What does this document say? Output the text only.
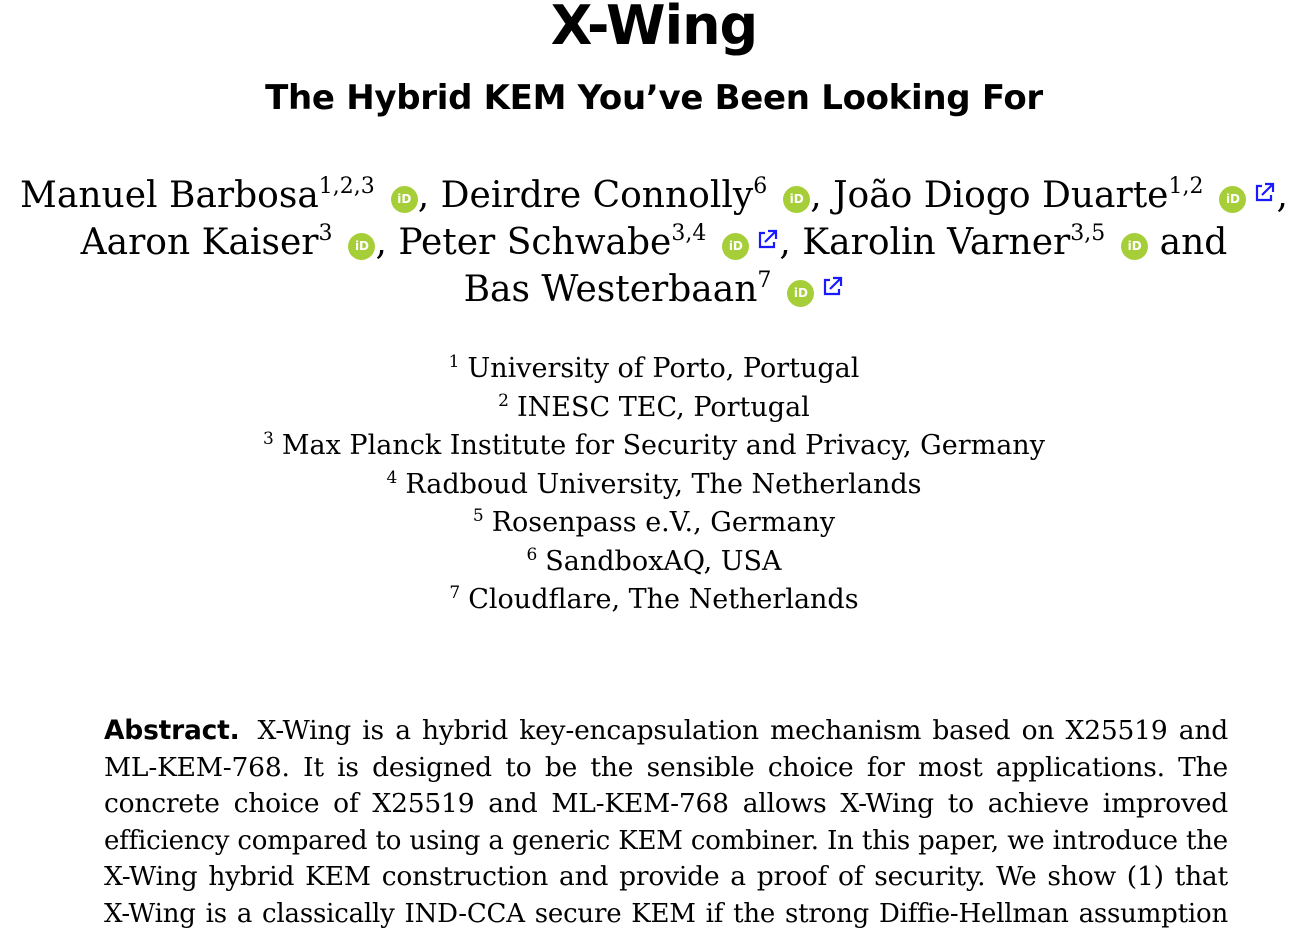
X-Wing
The Hybrid KEM You’ve Been Looking For
Manuel Barbosa$^{1,2,3}$ iD , Deirdre Connolly$^6$ iD , João Diogo Duarte$^{1,2}$ iD ,
Aaron Kaiser$^3$ iD , Peter Schwabe$^{3,4}$ iD , Karolin Varner$^{3,5}$ iD and
Bas Westerbaan$^7$ iD
$^1$ University of Porto, Portugal
$^2$ INESC TEC, Portugal
$^3$ Max Planck Institute for Security and Privacy, Germany
$^4$ Radboud University, The Netherlands
$^5$ Rosenpass e.V., Germany
$^6$ SandboxAQ, USA
$^7$ Cloudflare, The Netherlands
Abstract. X-Wing is a hybrid key-encapsulation mechanism based on X25519 and
ML-KEM-768. It is designed to be the sensible choice for most applications. The
concrete choice of X25519 and ML-KEM-768 allows X-Wing to achieve improved
efficiency compared to using a generic KEM combiner. In this paper, we introduce the
X-Wing hybrid KEM construction and provide a proof of security. We show (1) that
X-Wing is a classically IND-CCA secure KEM if the strong Diffie-Hellman assumption
